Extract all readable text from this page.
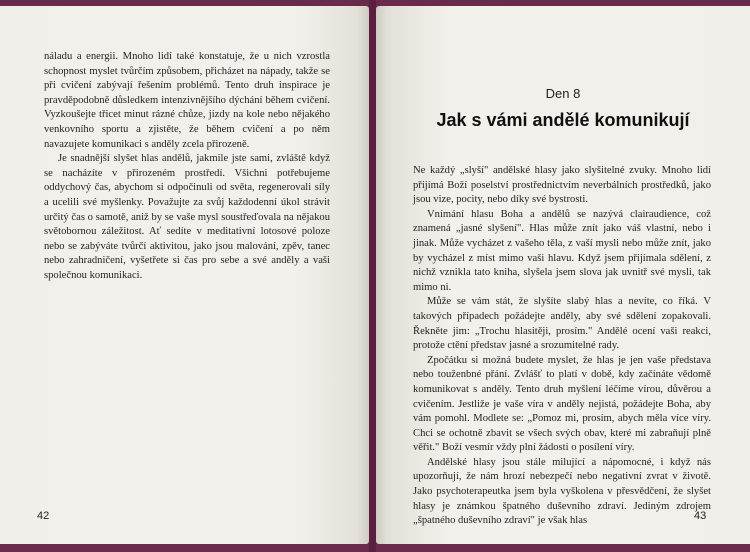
náladu a energii. Mnoho lidí také konstatuje, že u nich vzrostla schopnost myslet tvůrčím způsobem, přicházet na nápady, takže se při cvičení zabývají řešením problémů. Tento druh inspirace je pravděpodobně důsledkem intenzivnějšího dýchání během cvičení. Vyzkoušejte třicet minut rázné chůze, jízdy na kole nebo nějakého venkovního sportu a zjistěte, že během cvičení a po něm navazujete komunikaci s anděly zcela přirozeně.

Je snadnější slyšet hlas andělů, jakmile jste sami, zvláště když se nacházíte v přirozeném prostředí. Všichni potřebujeme oddychový čas, abychom si odpočinuli od světa, regenerovali síly a ucelili své myšlenky. Považujte za svůj každodenní úkol strávit určitý čas o samotě, aniž by se vaše mysl soustřeďovala na nějakou světobornou záležitost. Ať sedíte v meditativní lotosové poloze nebo se zabýváte tvůrčí aktivitou, jako jsou malování, zpěv, tanec nebo zahradničení, vyšetřete si čas pro sebe a své anděly a vaši společnou komunikaci.

42
Den 8
Jak s vámi andělé komunikují

Ne každý „slyší" andělské hlasy jako slyšitelné zvuky. Mnoho lidí přijímá Boží poselství prostřednictvím neverbálních prostředků, jako jsou vize, pocity, nebo díky své bystrosti.

Vnímání hlasu Boha a andělů se nazývá clairaudience, což znamená „jasné slyšení". Hlas může znít jako váš vlastní, nebo i jinak. Může vycházet z vašeho těla, z vaší mysli nebo může znít, jako by vycházel z míst mimo vaši hlavu. Když jsem přijímala sdělení, z nichž vznikla tato kniha, slyšela jsem slova jak uvnitř své mysli, tak mimo ni.

Může se vám stát, že slyšíte slabý hlas a nevíte, co říká. V takových případech požádejte anděly, aby své sdělení zopakovali. Řekněte jim: „Trochu hlasitěji, prosím." Andělé ocení vaši reakci, protože ctění představ jasné a srozumitelné rady.

Zpočátku si možná budete myslet, že hlas je jen vaše představa nebo touženbné přání. Zvlášť to platí v době, kdy začínáte vědomě komunikovat s anděly. Tento druh myšlení léčíme vírou, důvěrou a cvičením. Jestliže je vaše víra v anděly nejistá, požádejte Boha, aby vám pomohl. Modlete se: „Pomoz mi, prosím, abych měla více víry. Chci se ochotně zbavit se všech svých obav, které mi zabraňují plně věřit." Boží vesmír vždy plní žádosti o posílení víry.

Andělské hlasy jsou stále milující a nápomocné, i když nás upozorňují, že nám hrozí nebezpečí nebo negativní zvrat v životě. Jako psychoterapeutka jsem byla vyškolena v přesvědčení, že slyšet hlasy je známkou špatného duševního zdraví. Jediným zdrojem „špatného duševního zdraví" je však hlas	43
